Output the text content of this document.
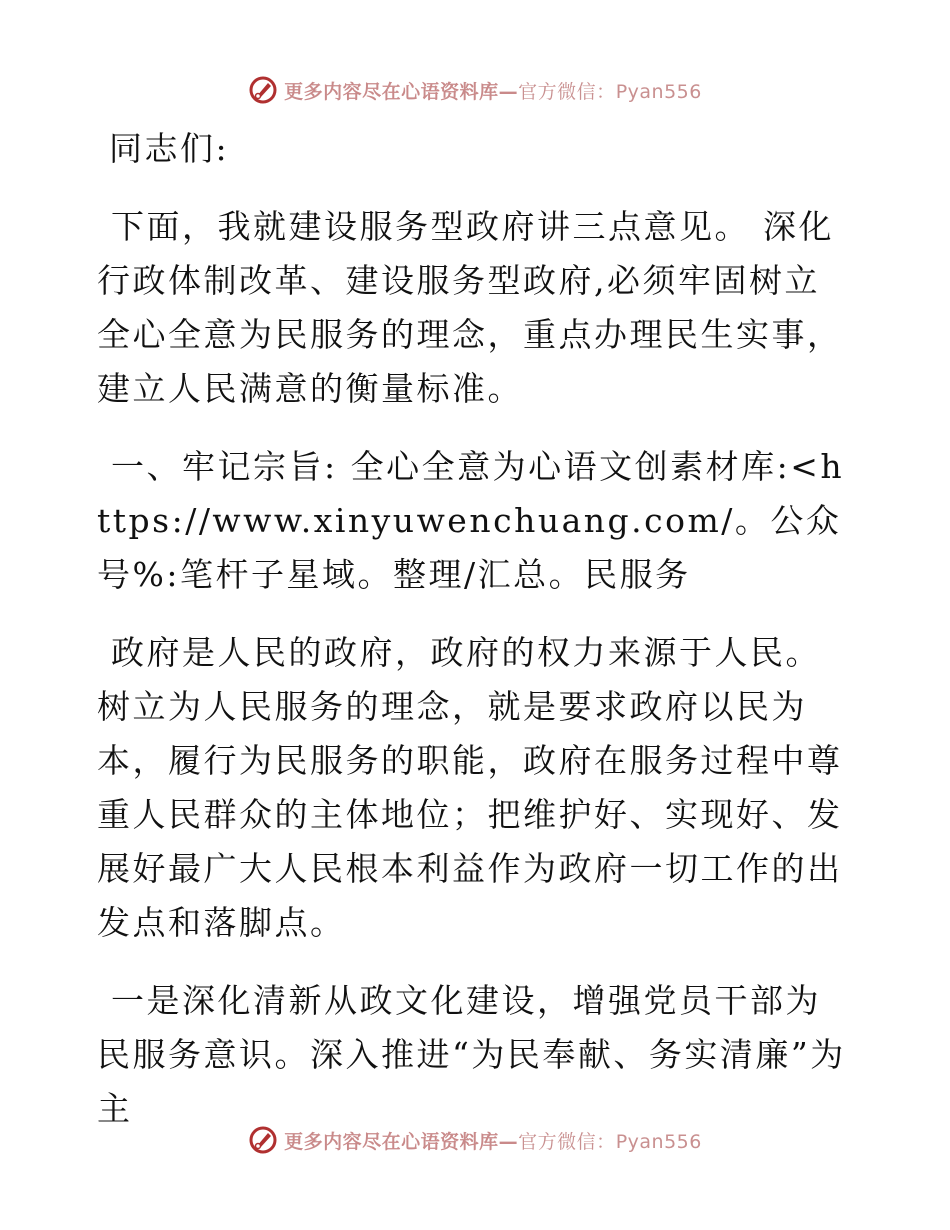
更多内容尽在心语资料库—官方微信：Pyan556

同志们:

下面，我就建设服务型政府讲三点意见。 深化行政体制改革、建设服务型政府,必须牢固树立全心全意为民服务的理念，重点办理民生实事，建立人民满意的衡量标准。

一、牢记宗旨: 全心全意为心语文创素材库:<https://www.xinyuwenchuang.com/。公众号%:笔杆子星域。整理/汇总。民服务

政府是人民的政府，政府的权力来源于人民。树立为人民服务的理念，就是要求政府以民为本，履行为民服务的职能，政府在服务过程中尊重人民群众的主体地位；把维护好、实现好、发展好最广大人民根本利益作为政府一切工作的出发点和落脚点。

一是深化清新从政文化建设，增强党员干部为民服务意识。深入推进“为民奉献、务实清廉”为主

更多内容尽在心语资料库—官方微信：Pyan556
